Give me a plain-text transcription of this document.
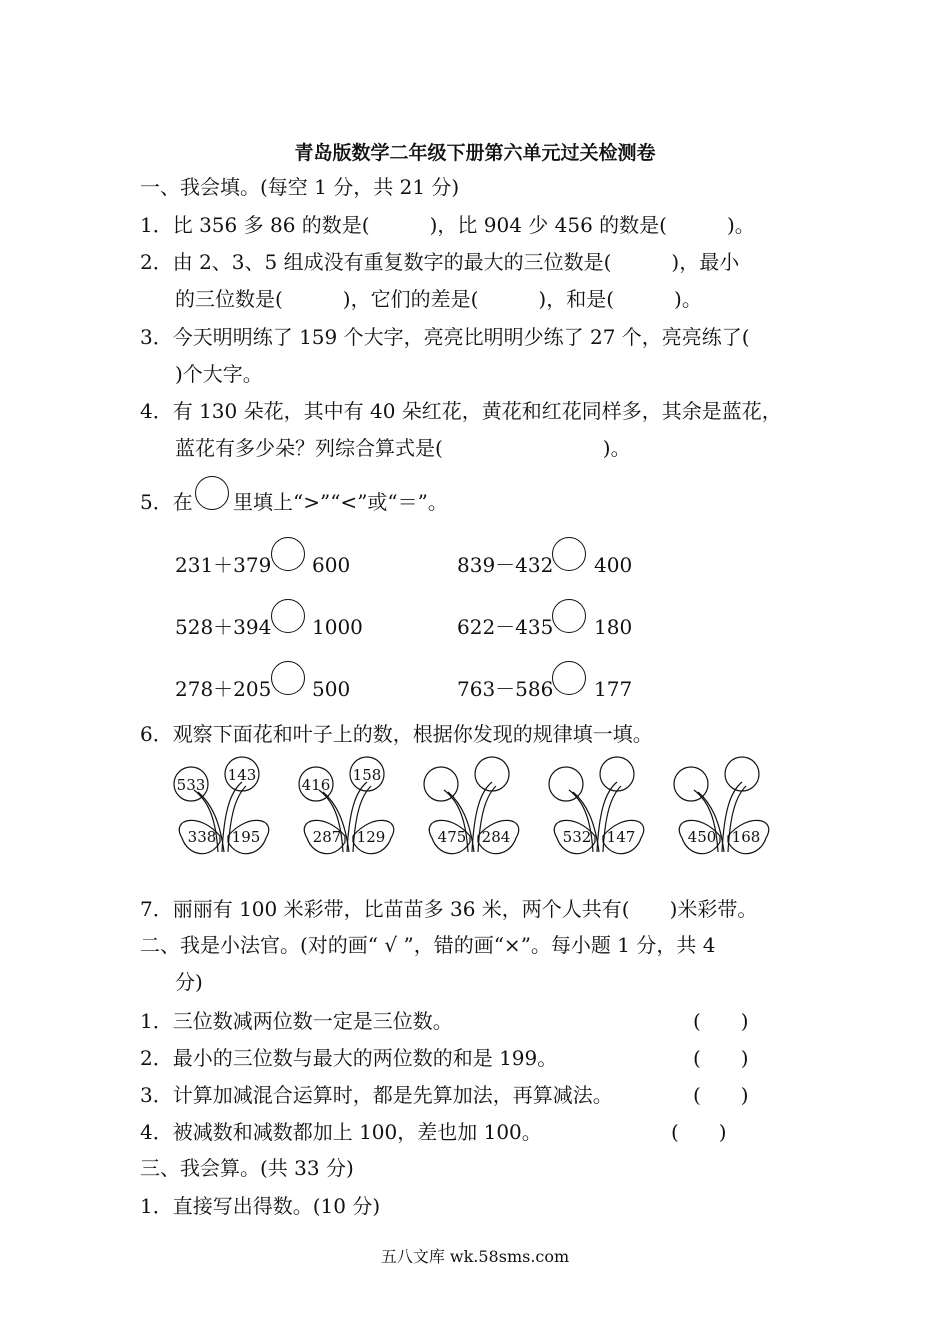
青岛版数学二年级下册第六单元过关检测卷
一、我会填。(每空 1 分，共 21 分)
1．比 356 多 86 的数是(　　　)，比 904 少 456 的数是(　　　)。
2．由 2、3、5 组成没有重复数字的最大的三位数是(　　　)，最小
的三位数是(　　　)，它们的差是(　　　)，和是(　　　)。
3．今天明明练了 159 个大字，亮亮比明明少练了 27 个，亮亮练了(
)个大字。
4．有 130 朵花，其中有 40 朵红花，黄花和红花同样多，其余是蓝花，
蓝花有多少朵？列综合算式是(　　　　　　　　)。
5．在 里填上“>”“<”或“＝”。
231＋379 600	839－432 400
528＋394 1000	622－435 180
278＋205 500	763－586 177
6．观察下面花和叶子上的数，根据你发现的规律填一填。
533
143
338 195
416
158
287 129	475 284	532 147	450 168
7．丽丽有 100 米彩带，比苗苗多 36 米，两个人共有(　　)米彩带。
二、我是小法官。(对的画“ √ ”，错的画“×”。每小题 1 分，共 4
分)
1．三位数减两位数一定是三位数。	(　　)
2．最小的三位数与最大的两位数的和是 199。	(　　)
3．计算加减混合运算时，都是先算加法，再算减法。	(　　)
4．被减数和减数都加上 100，差也加 100。	(　　)
三、我会算。(共 33 分)
1．直接写出得数。(10 分)
五八文库 wk.58sms.com
